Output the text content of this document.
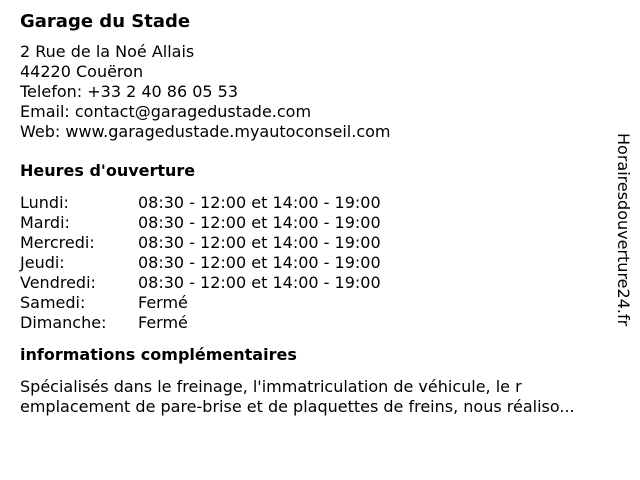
Garage du Stade
2 Rue de la Noé Allais
44220 Couëron
Telefon: +33 2 40 86 05 53
Email: contact@garagedustade.com
Web: www.garagedustade.myautoconseil.com
Heures d'ouverture
Lundi:	08:30 - 12:00 et 14:00 - 19:00
Mardi:	08:30 - 12:00 et 14:00 - 19:00
Mercredi:	08:30 - 12:00 et 14:00 - 19:00
Jeudi:	08:30 - 12:00 et 14:00 - 19:00
Vendredi:	08:30 - 12:00 et 14:00 - 19:00
Samedi:	Fermé
Dimanche:	Fermé
informations complémentaires
Spécialisés dans le freinage, l'immatriculation de véhicule, le r
emplacement de pare-brise et de plaquettes de freins, nous réaliso...
Horairesdouverture24.fr
